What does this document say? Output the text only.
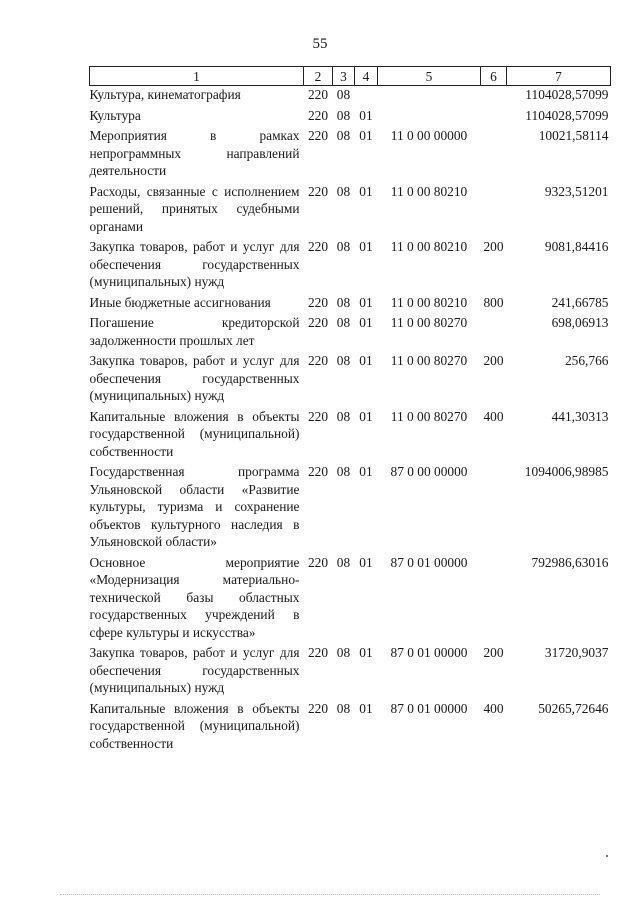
55
1	2	3	4	5	6	7
Культура, кинематография	220	08				1104028,57099
Культура	220	08	01			1104028,57099
Мероприятия в рамках непрограммных направлений деятельности	220	08	01	11 0 00 00000		10021,58114
Расходы, связанные с исполнением решений, принятых судебными органами	220	08	01	11 0 00 80210		9323,51201
Закупка товаров, работ и услуг для обеспечения государственных (муниципальных) нужд	220	08	01	11 0 00 80210	200	9081,84416
Иные бюджетные ассигнования	220	08	01	11 0 00 80210	800	241,66785
Погашение кредиторской задолженности прошлых лет	220	08	01	11 0 00 80270		698,06913
Закупка товаров, работ и услуг для обеспечения государственных (муниципальных) нужд	220	08	01	11 0 00 80270	200	256,766
Капитальные вложения в объекты государственной (муниципальной) собственности	220	08	01	11 0 00 80270	400	441,30313
Государственная программа Ульяновской области «Развитие культуры, туризма и сохранение объектов культурного наследия в Ульяновской области»	220	08	01	87 0 00 00000		1094006,98985
Основное мероприятие «Модернизация материально-технической базы областных государственных учреждений в сфере культуры и искусства»	220	08	01	87 0 01 00000		792986,63016
Закупка товаров, работ и услуг для обеспечения государственных (муниципальных) нужд	220	08	01	87 0 01 00000	200	31720,9037
Капитальные вложения в объекты государственной (муниципальной) собственности	220	08	01	87 0 01 00000	400	50265,72646
